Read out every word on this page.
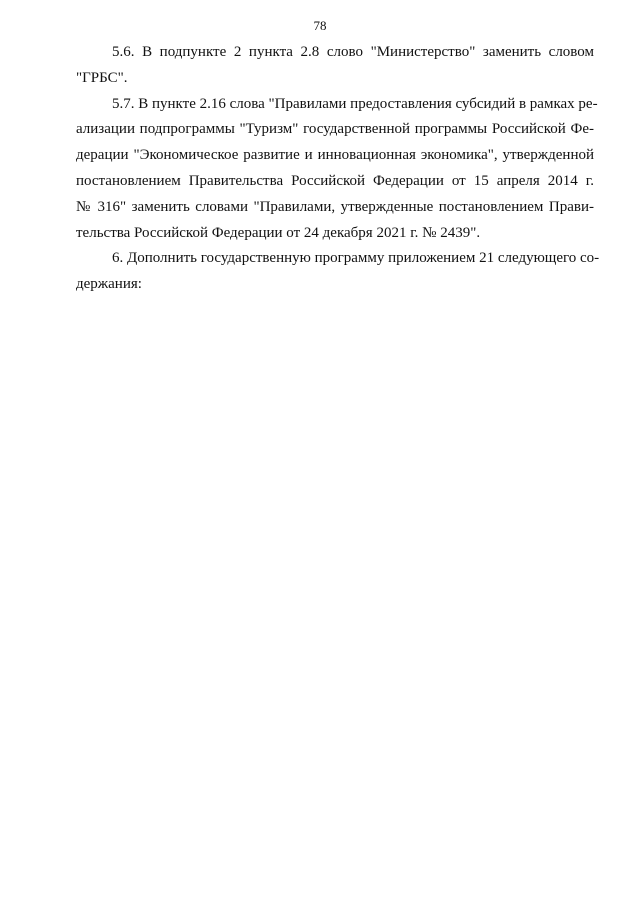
78
5.6. В подпункте 2 пункта 2.8 слово "Министерство" заменить словом
"ГРБС".
5.7. В пункте 2.16 слова "Правилами предоставления субсидий в рамках ре-
ализации подпрограммы "Туризм" государственной программы Российской Фе-
дерации "Экономическое развитие и инновационная экономика", утвержденной
постановлением Правительства Российской Федерации от 15 апреля 2014 г.
№ 316" заменить словами "Правилами, утвержденные постановлением Прави-
тельства Российской Федерации от 24 декабря 2021 г. № 2439".
6. Дополнить государственную программу приложением 21 следующего со-
держания:
